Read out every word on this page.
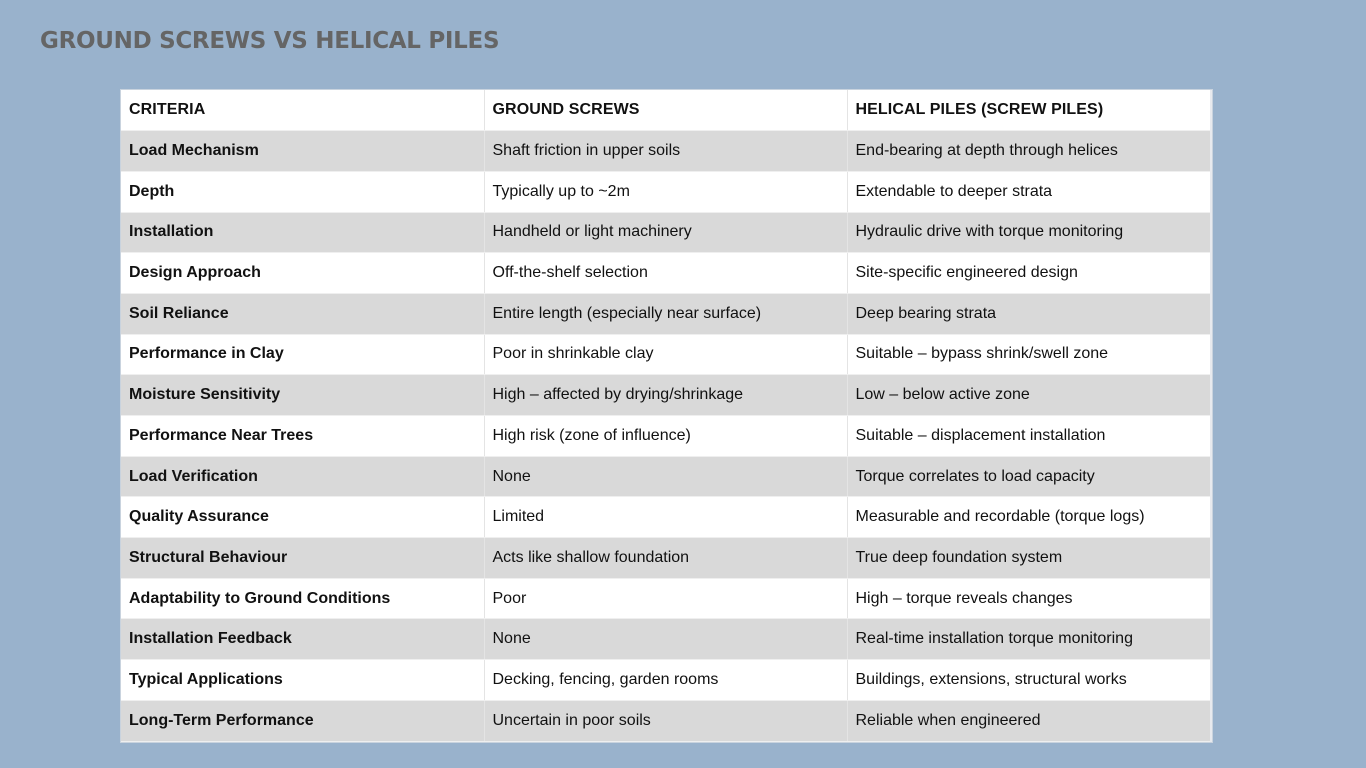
GROUND SCREWS VS HELICAL PILES
CRITERIA	GROUND SCREWS	HELICAL PILES (SCREW PILES)
Load Mechanism	Shaft friction in upper soils	End-bearing at depth through helices
Depth	Typically up to ~2m	Extendable to deeper strata
Installation	Handheld or light machinery	Hydraulic drive with torque monitoring
Design Approach	Off-the-shelf selection	Site-specific engineered design
Soil Reliance	Entire length (especially near surface)	Deep bearing strata
Performance in Clay	Poor in shrinkable clay	Suitable – bypass shrink/swell zone
Moisture Sensitivity	High – affected by drying/shrinkage	Low – below active zone
Performance Near Trees	High risk (zone of influence)	Suitable – displacement installation
Load Verification	None	Torque correlates to load capacity
Quality Assurance	Limited	Measurable and recordable (torque logs)
Structural Behaviour	Acts like shallow foundation	True deep foundation system
Adaptability to Ground Conditions	Poor	High – torque reveals changes
Installation Feedback	None	Real-time installation torque monitoring
Typical Applications	Decking, fencing, garden rooms	Buildings, extensions, structural works
Long-Term Performance	Uncertain in poor soils	Reliable when engineered
